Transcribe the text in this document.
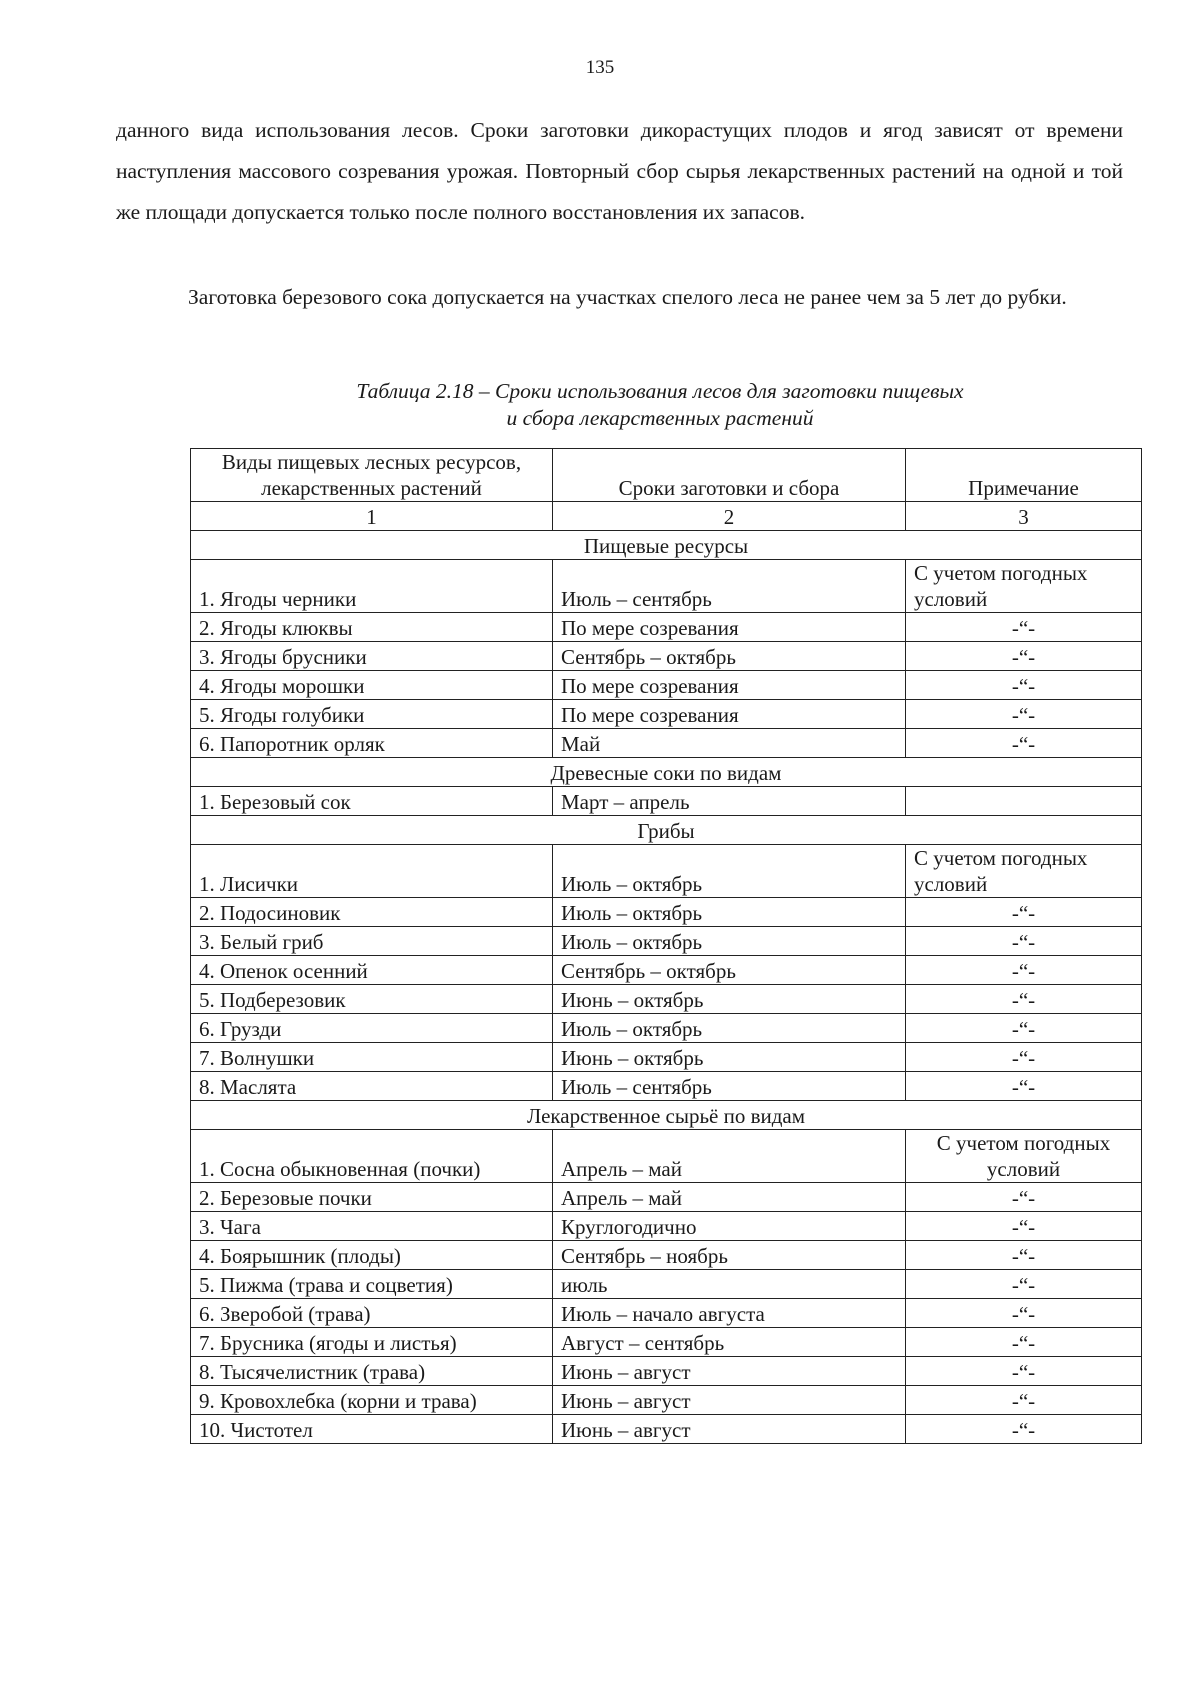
135

данного вида использования лесов. Сроки заготовки дикорастущих плодов и ягод зависят от времени наступления массового созревания урожая. Повторный сбор сырья лекарственных растений на одной и той же площади допускается только после полного восстановления их запасов.

Заготовка березового сока допускается на участках спелого леса не ранее чем за 5 лет до рубки.

Таблица 2.18 – Сроки использования лесов для заготовки пищевых
и сбора лекарственных растений
Виды пищевых лесных ресурсов, лекарственных растений	Сроки заготовки и сбора	Примечание
1	2	3
Пищевые ресурсы		
1. Ягоды черники	Июль – сентябрь	С учетом погодных условий
2. Ягоды клюквы	По мере созревания	-“-
3. Ягоды брусники	Сентябрь – октябрь	-“-
4. Ягоды морошки	По мере созревания	-“-
5. Ягоды голубики	По мере созревания	-“-
6. Папоротник орляк	Май	-“-
Древесные соки по видам		
1. Березовый сок	Март – апрель	
Грибы		
1. Лисички	Июль – октябрь	С учетом погодных условий
2. Подосиновик	Июль – октябрь	-“-
3. Белый гриб	Июль – октябрь	-“-
4. Опенок осенний	Сентябрь – октябрь	-“-
5. Подберезовик	Июнь – октябрь	-“-
6. Грузди	Июль – октябрь	-“-
7. Волнушки	Июнь – октябрь	-“-
8. Маслята	Июль – сентябрь	-“-
Лекарственное сырьё по видам		
1. Сосна обыкновенная (почки)	Апрель – май	С учетом погодных условий
2. Березовые почки	Апрель – май	-“-
3. Чага	Круглогодично	-“-
4. Боярышник (плоды)	Сентябрь – ноябрь	-“-
5. Пижма (трава и соцветия)	июль	-“-
6. Зверобой (трава)	Июль – начало августа	-“-
7. Брусника (ягоды и листья)	Август – сентябрь	-“-
8. Тысячелистник (трава)	Июнь – август	-“-
9. Кровохлебка (корни и трава)	Июнь – август	-“-
10. Чистотел	Июнь – август	-“-
